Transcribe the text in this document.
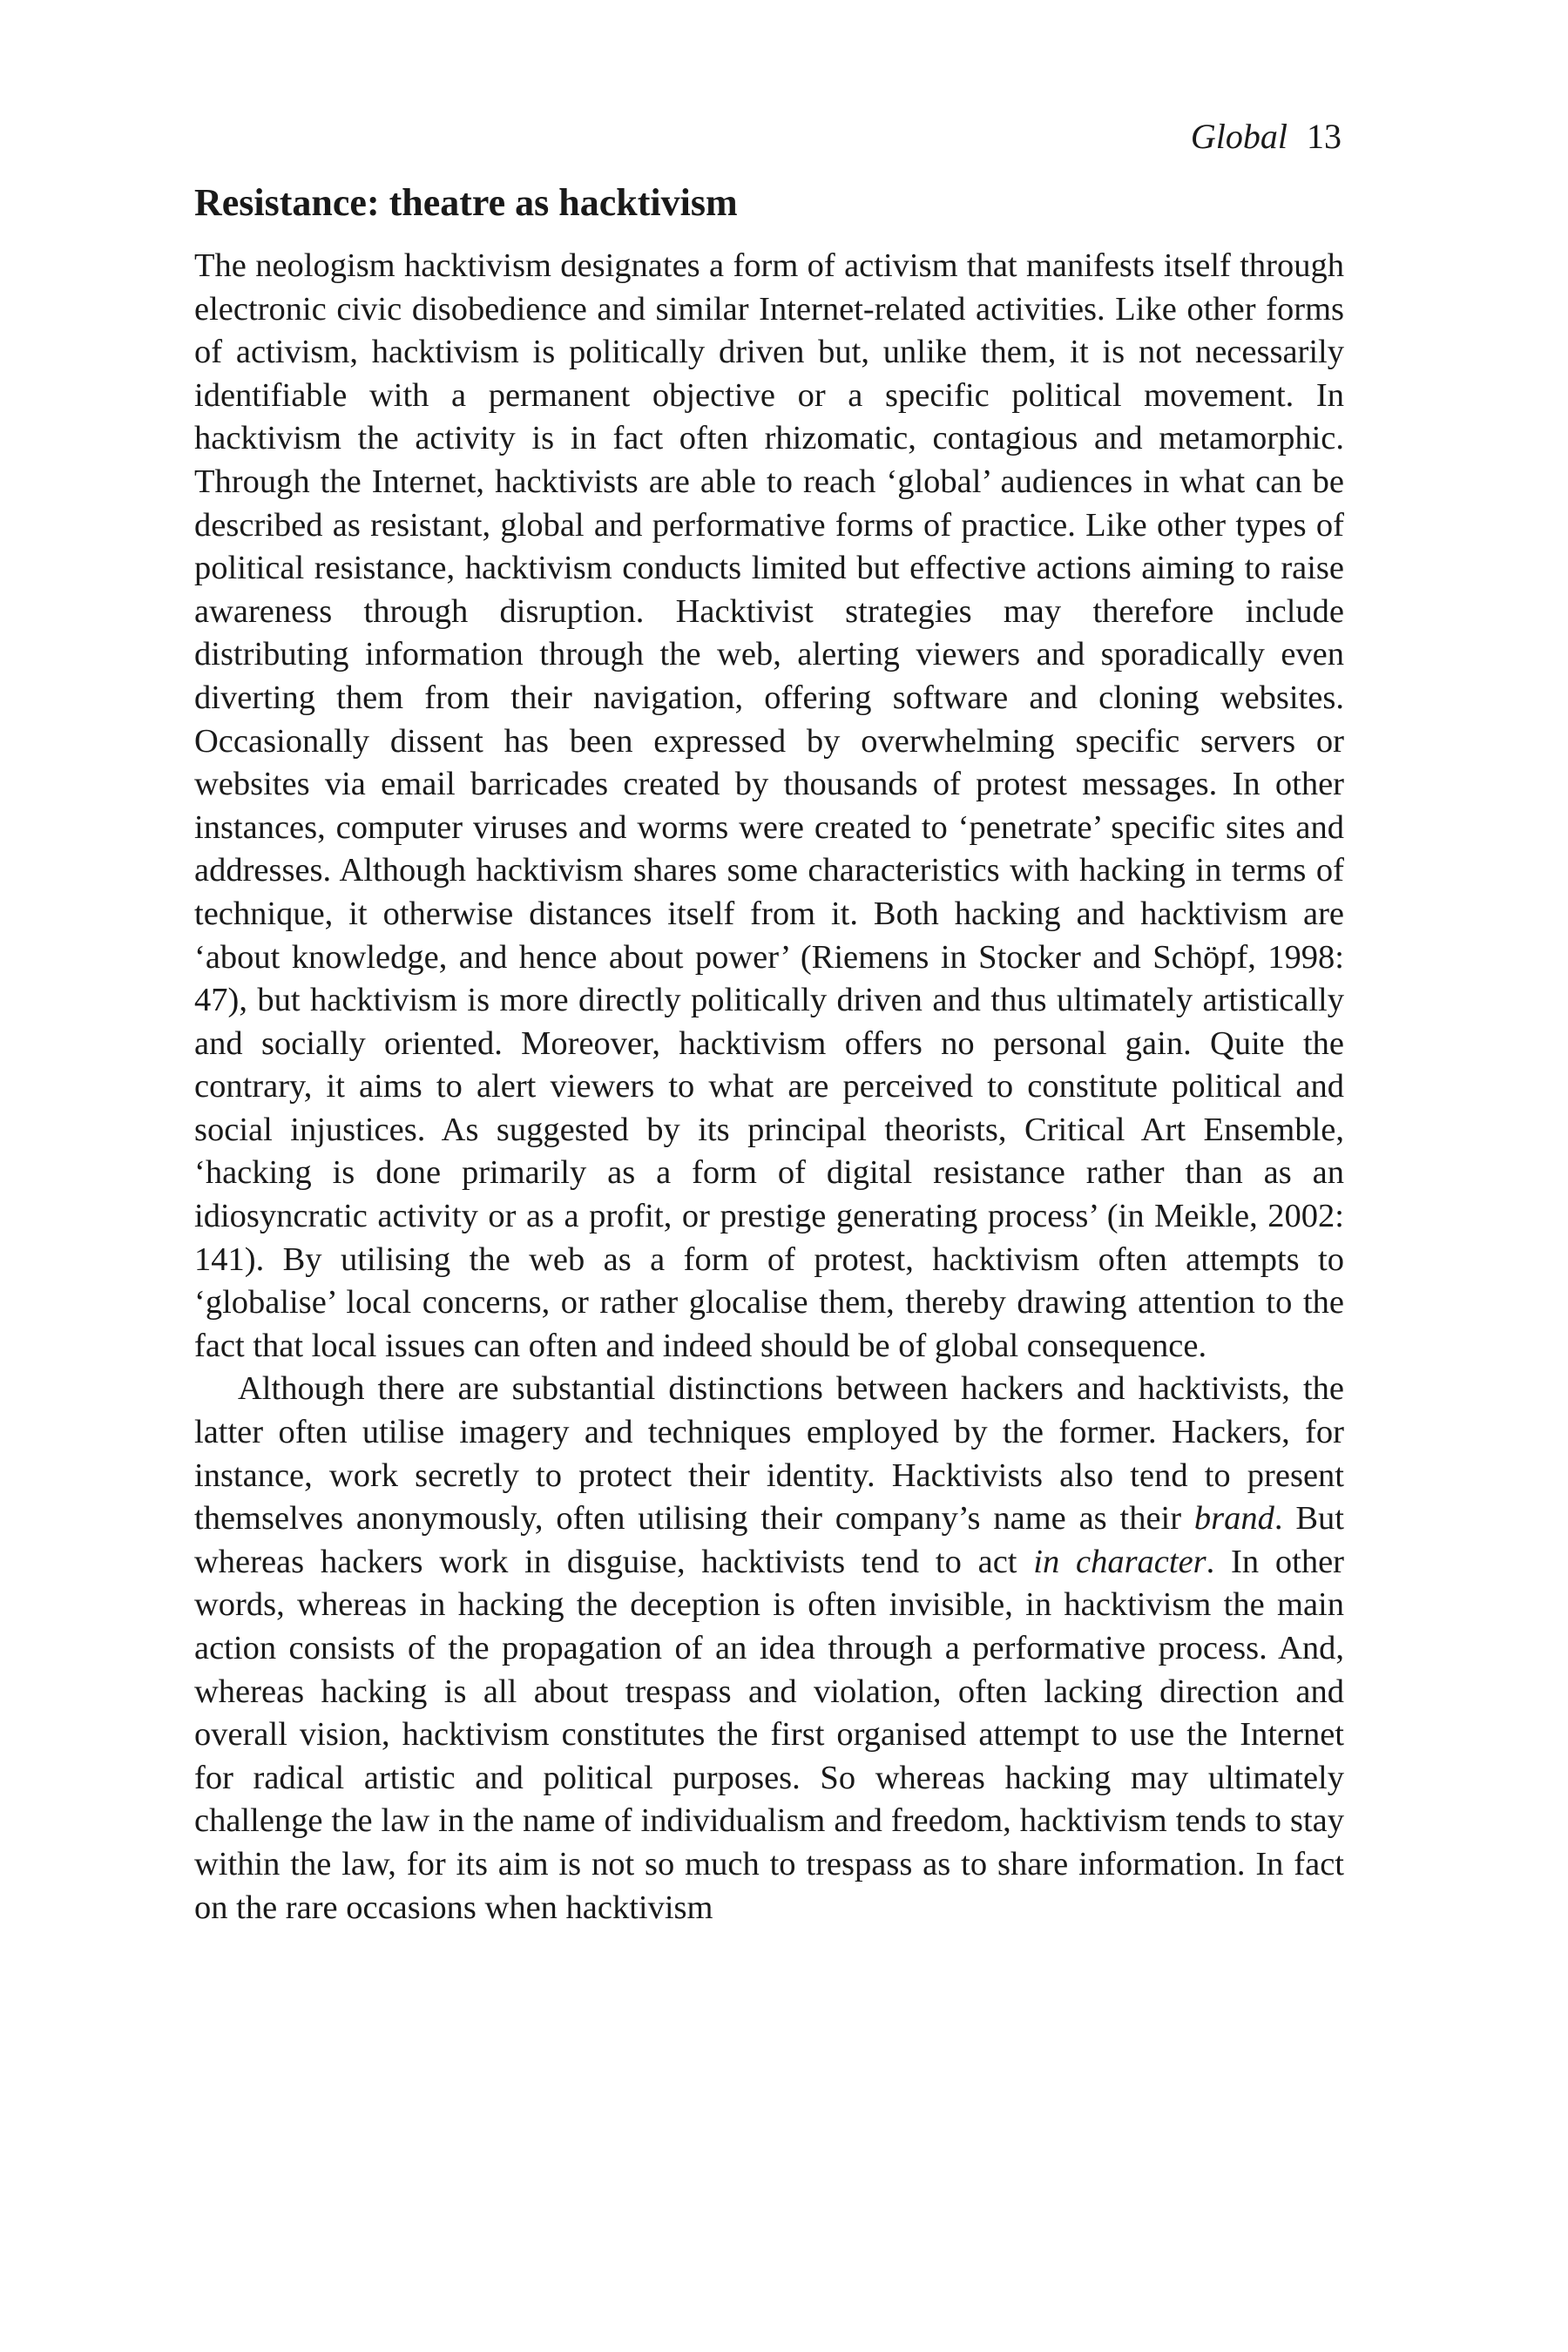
Global 13
Resistance: theatre as hacktivism

The neologism hacktivism designates a form of activism that manifests itself through electronic civic disobedience and similar Internet-related activities. Like other forms of activism, hacktivism is politically driven but, unlike them, it is not necessarily identifiable with a permanent objective or a specific political movement. In hacktivism the activity is in fact often rhizomatic, contagious and metamorphic. Through the Internet, hacktivists are able to reach ‘global’ audiences in what can be described as resistant, global and performative forms of practice. Like other types of political resistance, hacktivism conducts limited but effective actions aiming to raise awareness through disruption. Hacktivist strategies may therefore include distributing information through the web, alerting viewers and sporadically even diverting them from their navigation, offering software and cloning websites. Occasionally dissent has been expressed by overwhelming specific servers or websites via email barricades created by thousands of protest messages. In other instances, computer viruses and worms were created to ‘penetrate’ specific sites and addresses. Although hacktivism shares some characteristics with hacking in terms of technique, it otherwise distances itself from it. Both hacking and hacktivism are ‘about knowledge, and hence about power’ (Riemens in Stocker and Schöpf, 1998: 47), but hacktivism is more directly politically driven and thus ultimately artistically and socially oriented. Moreover, hacktivism offers no personal gain. Quite the contrary, it aims to alert viewers to what are perceived to constitute political and social injustices. As suggested by its principal theorists, Critical Art Ensemble, ‘hacking is done primarily as a form of digital resistance rather than as an idiosyncratic activity or as a profit, or prestige generating process’ (in Meikle, 2002: 141). By utilising the web as a form of protest, hacktivism often attempts to ‘globalise’ local concerns, or rather glocalise them, thereby drawing attention to the fact that local issues can often and indeed should be of global consequence.

Although there are substantial distinctions between hackers and hacktivists, the latter often utilise imagery and techniques employed by the former. Hackers, for instance, work secretly to protect their identity. Hacktivists also tend to present themselves anonymously, often utilising their company’s name as their brand. But whereas hackers work in disguise, hacktivists tend to act in character. In other words, whereas in hacking the deception is often invisible, in hacktivism the main action consists of the propagation of an idea through a performative process. And, whereas hacking is all about trespass and violation, often lacking direction and overall vision, hacktivism constitutes the first organised attempt to use the Internet for radical artistic and political purposes. So whereas hacking may ultimately challenge the law in the name of individualism and freedom, hacktivism tends to stay within the law, for its aim is not so much to trespass as to share information. In fact on the rare occasions when hacktivism
